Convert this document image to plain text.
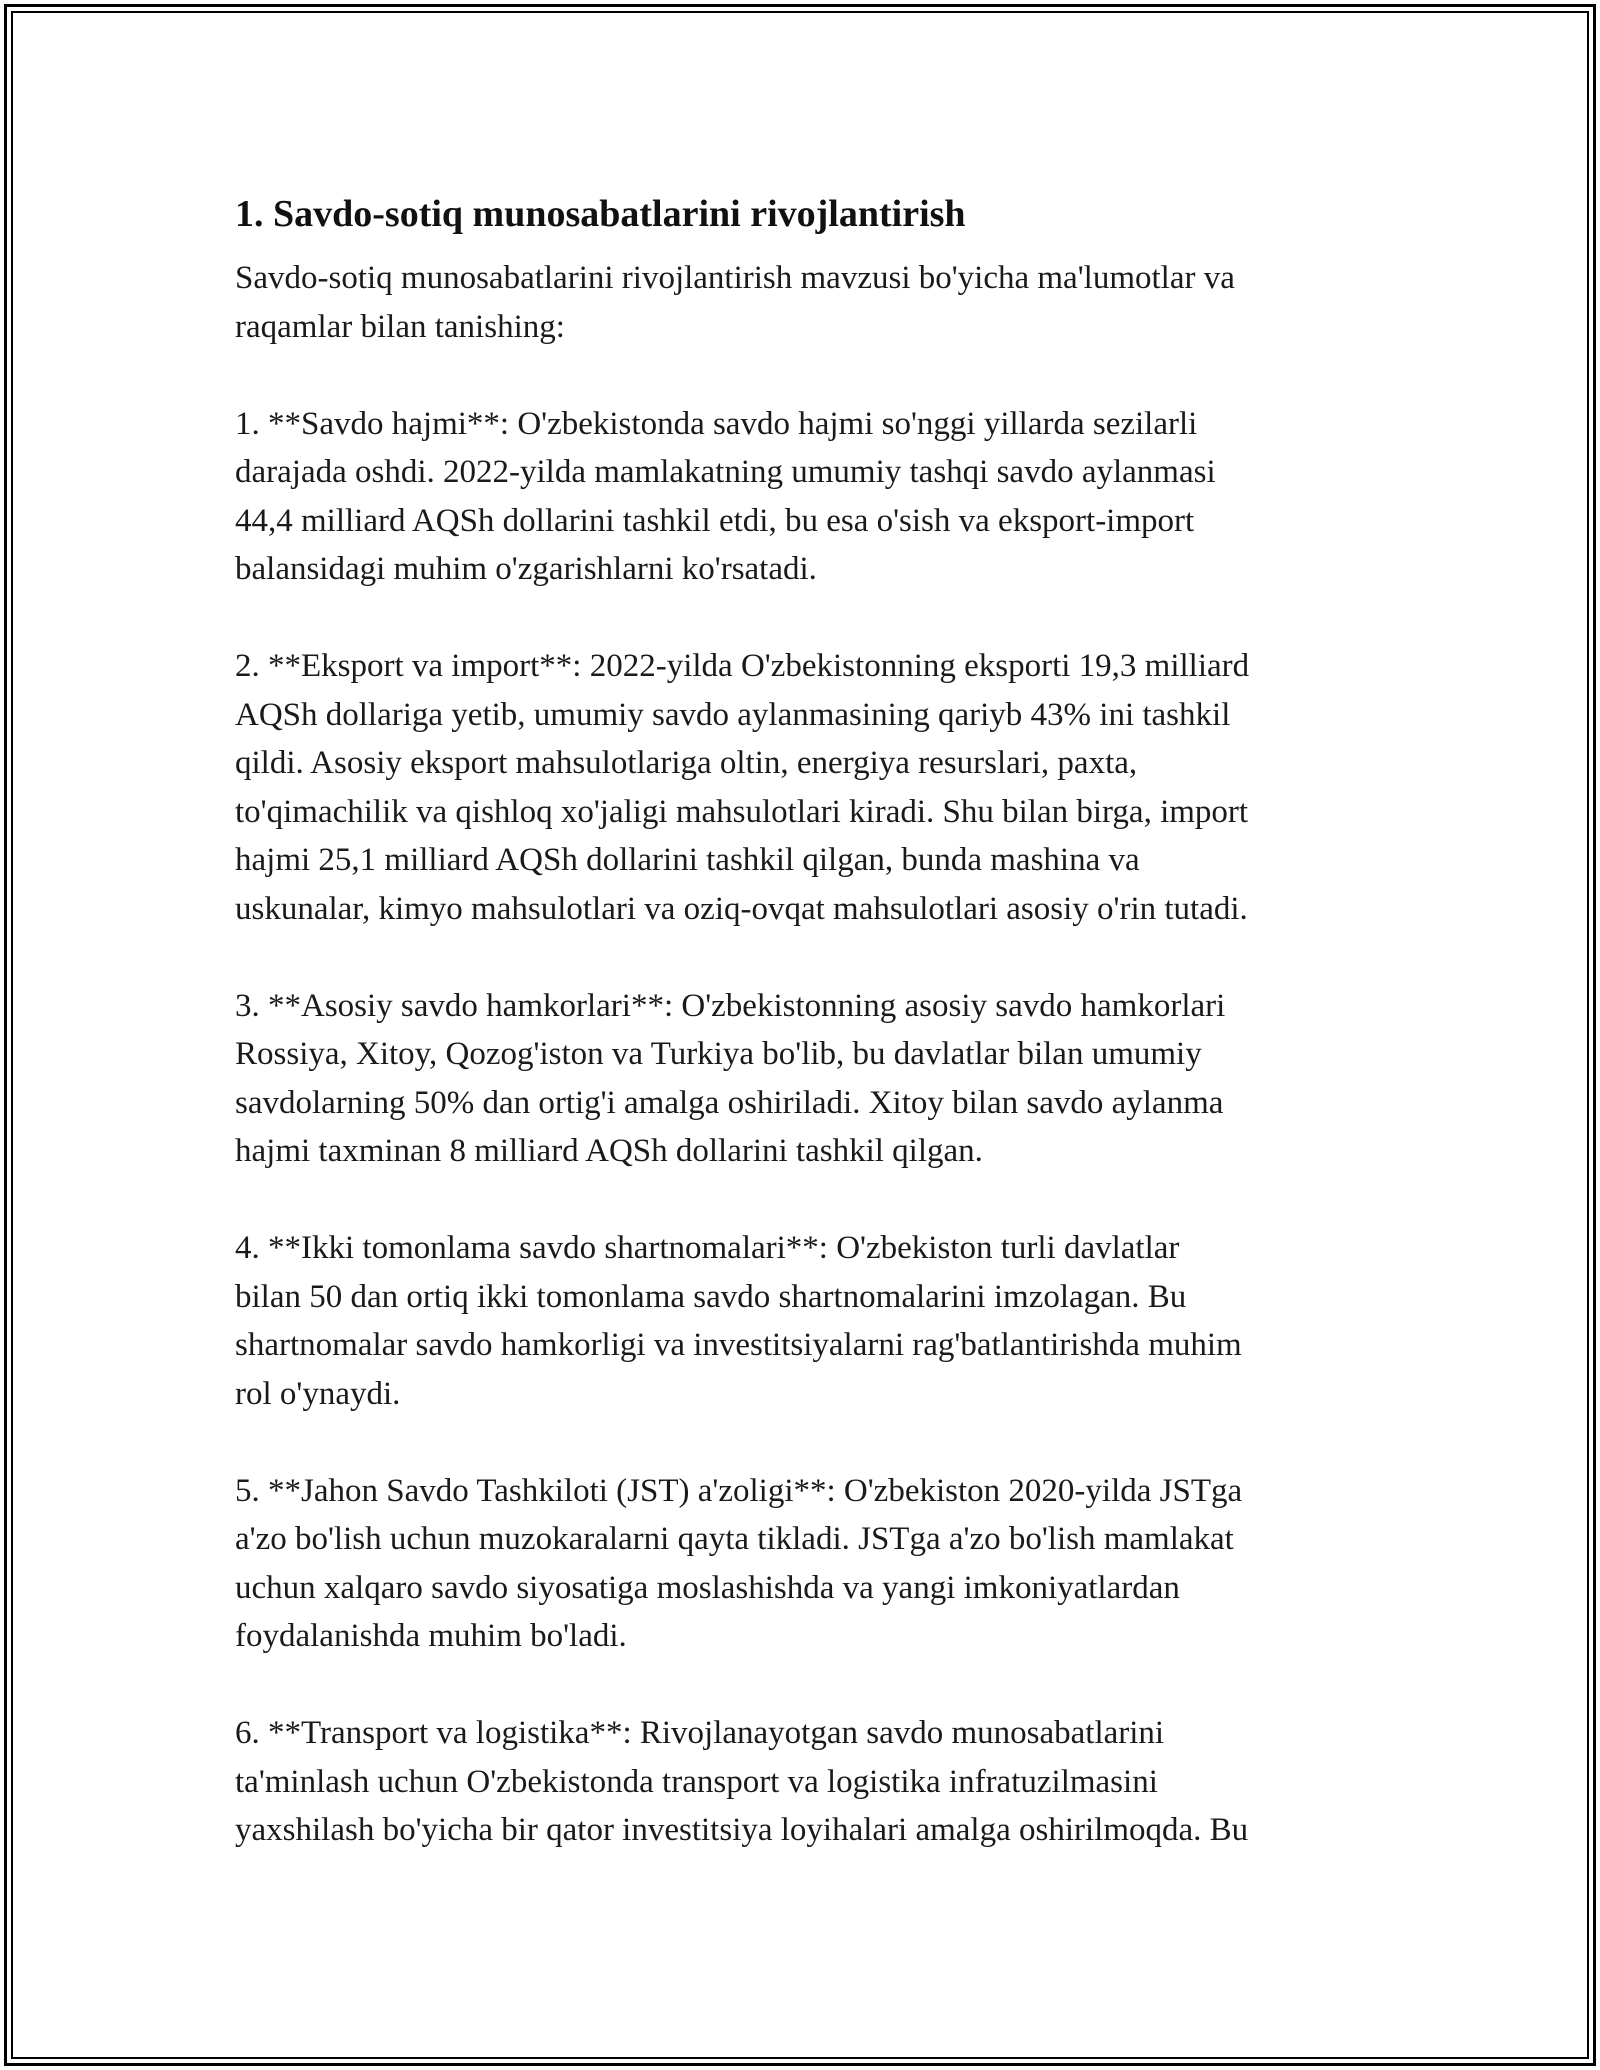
1. Savdo-sotiq munosabatlarini rivojlantirish

Savdo-sotiq munosabatlarini rivojlantirish mavzusi bo'yicha ma'lumotlar va
raqamlar bilan tanishing:

1. **Savdo hajmi**: O'zbekistonda savdo hajmi so'nggi yillarda sezilarli
darajada oshdi. 2022-yilda mamlakatning umumiy tashqi savdo aylanmasi
44,4 milliard AQSh dollarini tashkil etdi, bu esa o'sish va eksport-import
balansidagi muhim o'zgarishlarni ko'rsatadi.

2. **Eksport va import**: 2022-yilda O'zbekistonning eksporti 19,3 milliard
AQSh dollariga yetib, umumiy savdo aylanmasining qariyb 43% ini tashkil
qildi. Asosiy eksport mahsulotlariga oltin, energiya resurslari, paxta,
to'qimachilik va qishloq xo'jaligi mahsulotlari kiradi. Shu bilan birga, import
hajmi 25,1 milliard AQSh dollarini tashkil qilgan, bunda mashina va
uskunalar, kimyo mahsulotlari va oziq-ovqat mahsulotlari asosiy o'rin tutadi.

3. **Asosiy savdo hamkorlari**: O'zbekistonning asosiy savdo hamkorlari
Rossiya, Xitoy, Qozog'iston va Turkiya bo'lib, bu davlatlar bilan umumiy
savdolarning 50% dan ortig'i amalga oshiriladi. Xitoy bilan savdo aylanma
hajmi taxminan 8 milliard AQSh dollarini tashkil qilgan.

4. **Ikki tomonlama savdo shartnomalari**: O'zbekiston turli davlatlar
bilan 50 dan ortiq ikki tomonlama savdo shartnomalarini imzolagan. Bu
shartnomalar savdo hamkorligi va investitsiyalarni rag'batlantirishda muhim
rol o'ynaydi.

5. **Jahon Savdo Tashkiloti (JST) a'zoligi**: O'zbekiston 2020-yilda JSTga
a'zo bo'lish uchun muzokaralarni qayta tikladi. JSTga a'zo bo'lish mamlakat
uchun xalqaro savdo siyosatiga moslashishda va yangi imkoniyatlardan
foydalanishda muhim bo'ladi.

6. **Transport va logistika**: Rivojlanayotgan savdo munosabatlarini
ta'minlash uchun O'zbekistonda transport va logistika infratuzilmasini
yaxshilash bo'yicha bir qator investitsiya loyihalari amalga oshirilmoqda. Bu
